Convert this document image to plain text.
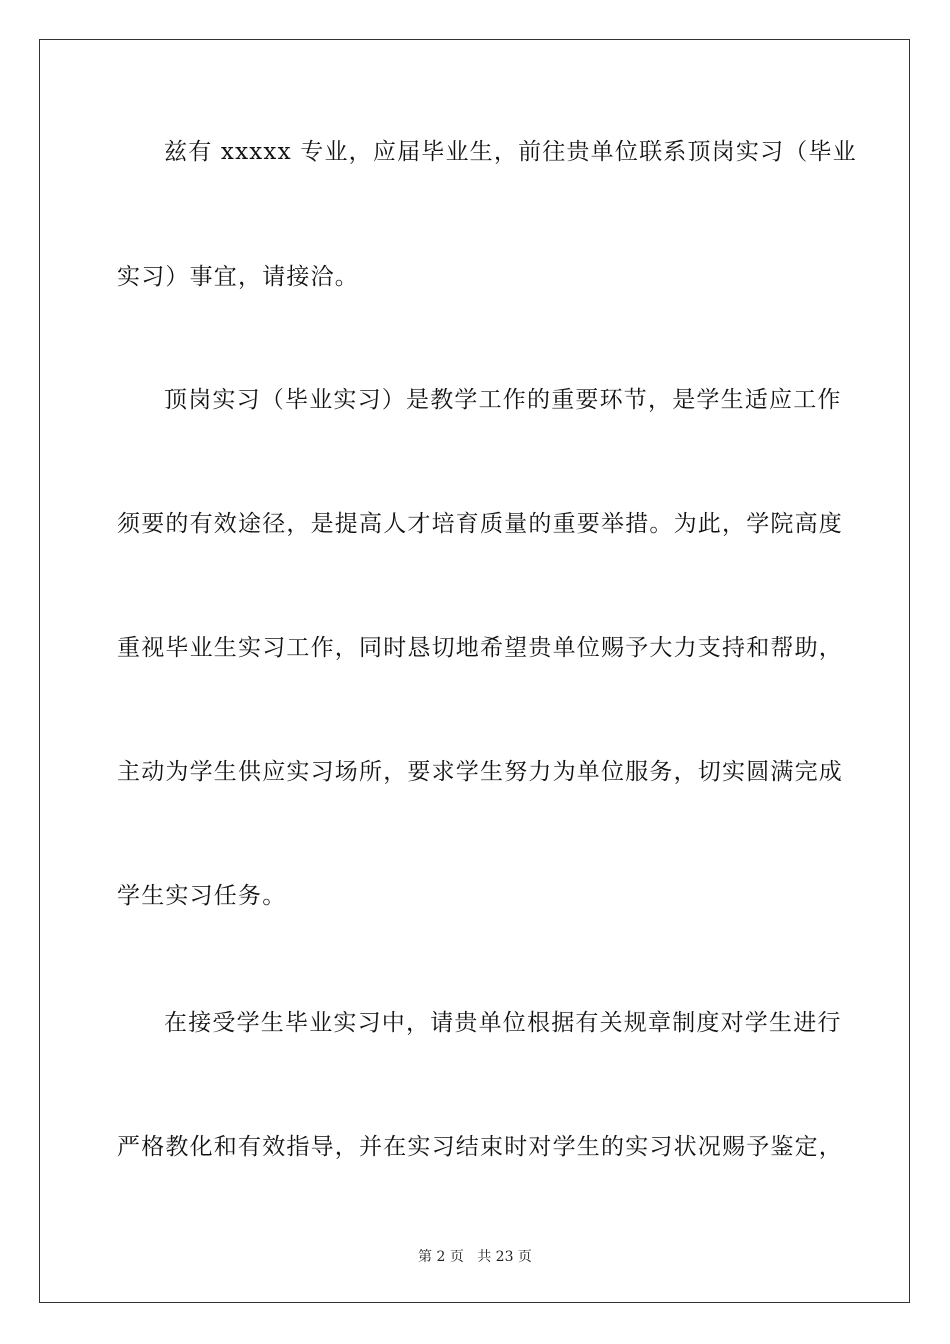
兹有 xxxxx 专业，应届毕业生，前往贵单位联系顶岗实习（毕业
实习）事宜，请接洽。
顶岗实习（毕业实习）是教学工作的重要环节，是学生适应工作
须要的有效途径，是提高人才培育质量的重要举措。为此，学院高度
重视毕业生实习工作，同时恳切地希望贵单位赐予大力支持和帮助，
主动为学生供应实习场所，要求学生努力为单位服务，切实圆满完成
学生实习任务。
在接受学生毕业实习中，请贵单位根据有关规章制度对学生进行
严格教化和有效指导，并在实习结束时对学生的实习状况赐予鉴定，
第 2 页 共 23 页
